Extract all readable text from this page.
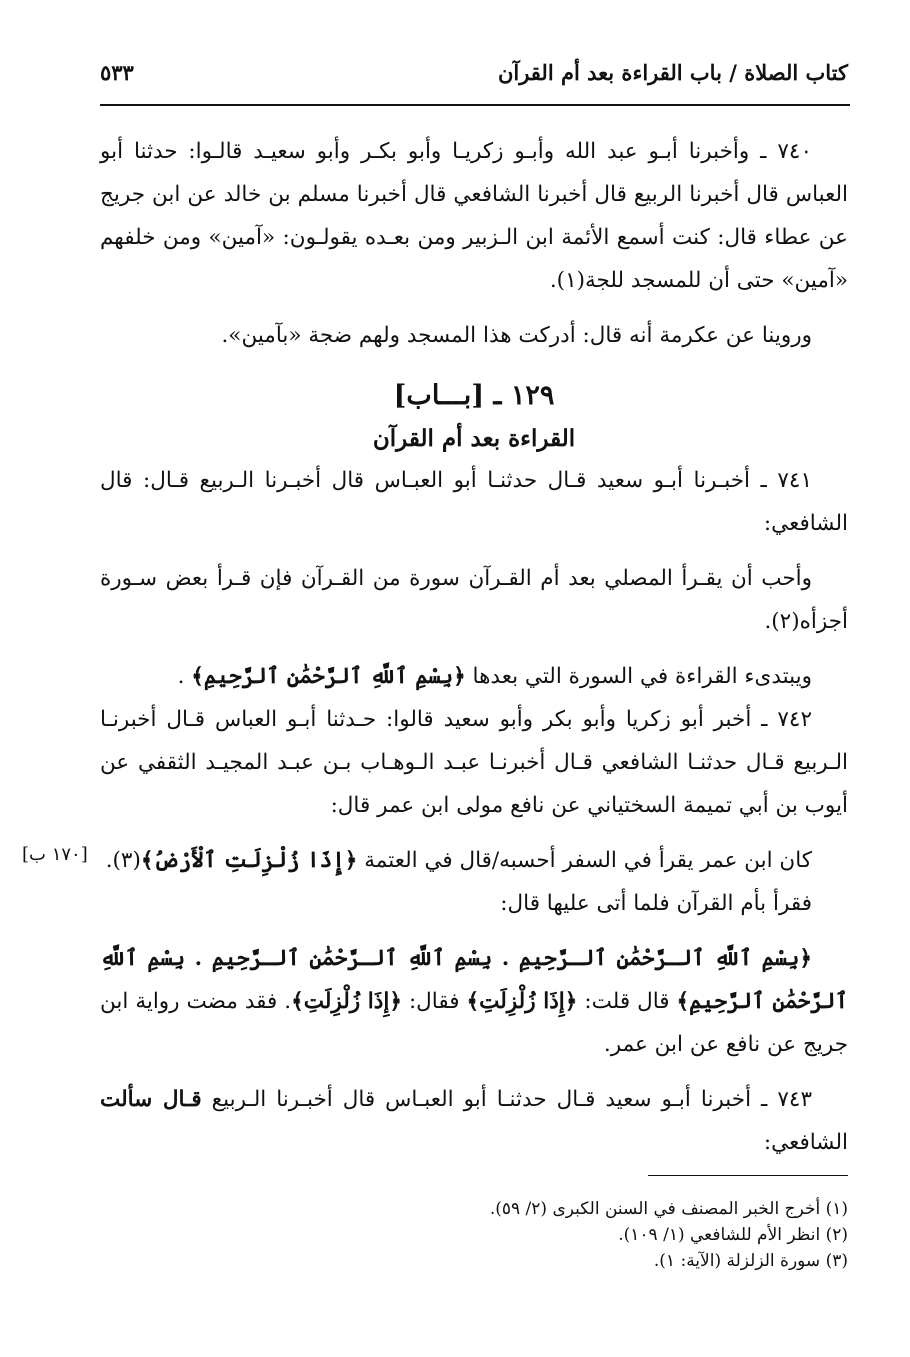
كتاب الصلاة / باب القراءة بعد أم القرآن
٥٣٣

٧٤٠ ـ وأخبرنا أبـو عبد الله وأبـو زكريـا وأبو بكـر وأبو سعيـد قالـوا: حدثنا أبو العباس قال أخبرنا الربيع قال أخبرنا الشافعي قال أخبرنا مسلم بن خالد عن ابن جريج عن عطاء قال: كنت أسمع الأئمة ابن الـزبير ومن بعـده يقولـون: «آمين» ومن خلفهم «آمين» حتى أن للمسجد للجة(١).

وروينا عن عكرمة أنه قال: أدركت هذا المسجد ولهم ضجة «بآمين».

١٢٩ ـ [بـــاب]

القراءة بعد أم القرآن

٧٤١ ـ أخبـرنا أبـو سعيد قـال حدثنـا أبو العبـاس قال أخبـرنا الـربيع قـال: قال الشافعي:

وأحب أن يقـرأ المصلي بعد أم القـرآن سورة من القـرآن فإن قـرأ بعض سـورة أجزأه(٢).

ويبتدىء القراءة في السورة التي بعدها ﴿بِسْمِ ٱللَّهِ ٱلرَّحْمَٰنِ ٱلرَّحِيمِ﴾ .

٧٤٢ ـ أخبر أبو زكريا وأبو بكر وأبو سعيد قالوا: حـدثنا أبـو العباس قـال أخبرنـا الـربيع قـال حدثنـا الشافعي قـال أخبرنـا عبـد الـوهـاب بـن عبـد المجيـد الثقفي عن أيوب بن أبي تميمة السختياني عن نافع مولى ابن عمر قال:

كان ابن عمر يقرأ في السفر أحسبه/قال في العتمة ﴿إِذَا زُلْزِلَتِ ٱلْأَرْضُ﴾(٣).

فقرأ بأم القرآن فلما أتى عليها قال:

﴿بِسْمِ ٱللَّهِ ٱلـرَّحْمَٰنِ ٱلـرَّحِيمِ . بِسْمِ ٱللَّهِ ٱلـرَّحْمَٰنِ ٱلـرَّحِيمِ . بِسْمِ ٱللَّهِ ٱلرَّحْمَٰنِ ٱلرَّحِيمِ﴾ قال قلت: ﴿إِذَا زُلْزِلَتِ﴾ فقال: ﴿إِذَا زُلْزِلَتِ﴾. فقد مضت رواية ابن جريج عن نافع عن ابن عمر.

٧٤٣ ـ أخبرنا أبـو سعيد قـال حدثنـا أبو العبـاس قال أخبـرنا الـربيع قـال سألت الشافعي:

[١٧٠ ب]

(١) أخرج الخبر المصنف في السنن الكبرى (٢/ ٥٩).

(٢) انظر الأم للشافعي (١/ ١٠٩).

(٣) سورة الزلزلة (الآية: ١).
